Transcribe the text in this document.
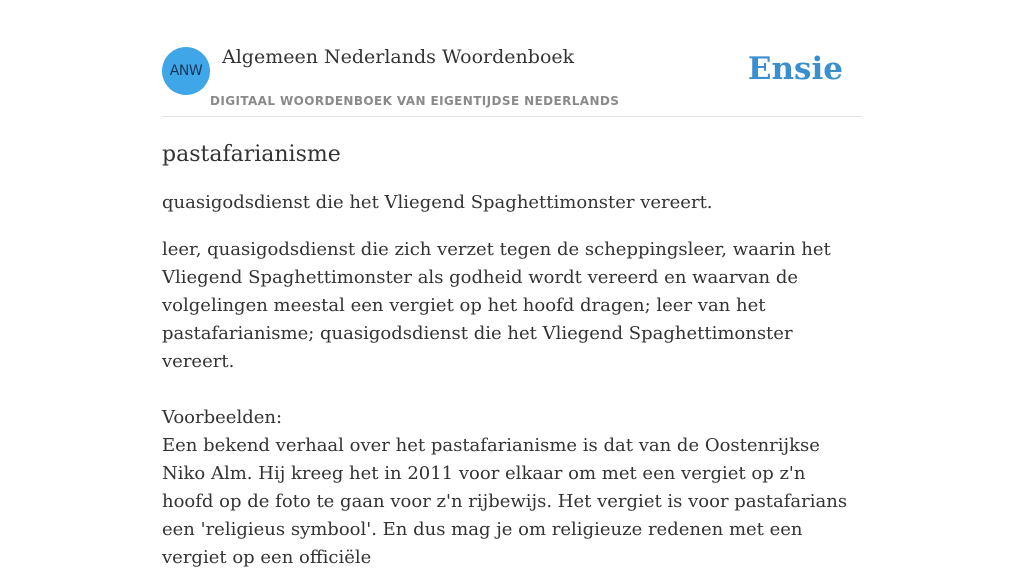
ANW
Algemeen Nederlands Woordenboek
DIGITAAL WOORDENBOEK VAN EIGENTIJDSE NEDERLANDS
Ensie
pastafarianisme

quasigodsdienst die het Vliegend Spaghettimonster vereert.

leer, quasigodsdienst die zich verzet tegen de scheppingsleer, waarin het Vliegend Spaghettimonster als godheid wordt vereerd en waarvan de volgelingen meestal een vergiet op het hoofd dragen; leer van het pastafarianisme; quasigodsdienst die het Vliegend Spaghettimonster vereert.

Voorbeelden:

Een bekend verhaal over het pastafarianisme is dat van de Oostenrijkse Niko Alm. Hij kreeg het in 2011 voor elkaar om met een vergiet op z'n hoofd op de foto te gaan voor z'n rijbewijs. Het vergiet is voor pastafarians een 'religieus symbool'. En dus mag je om religieuze redenen met een vergiet op een officiële
